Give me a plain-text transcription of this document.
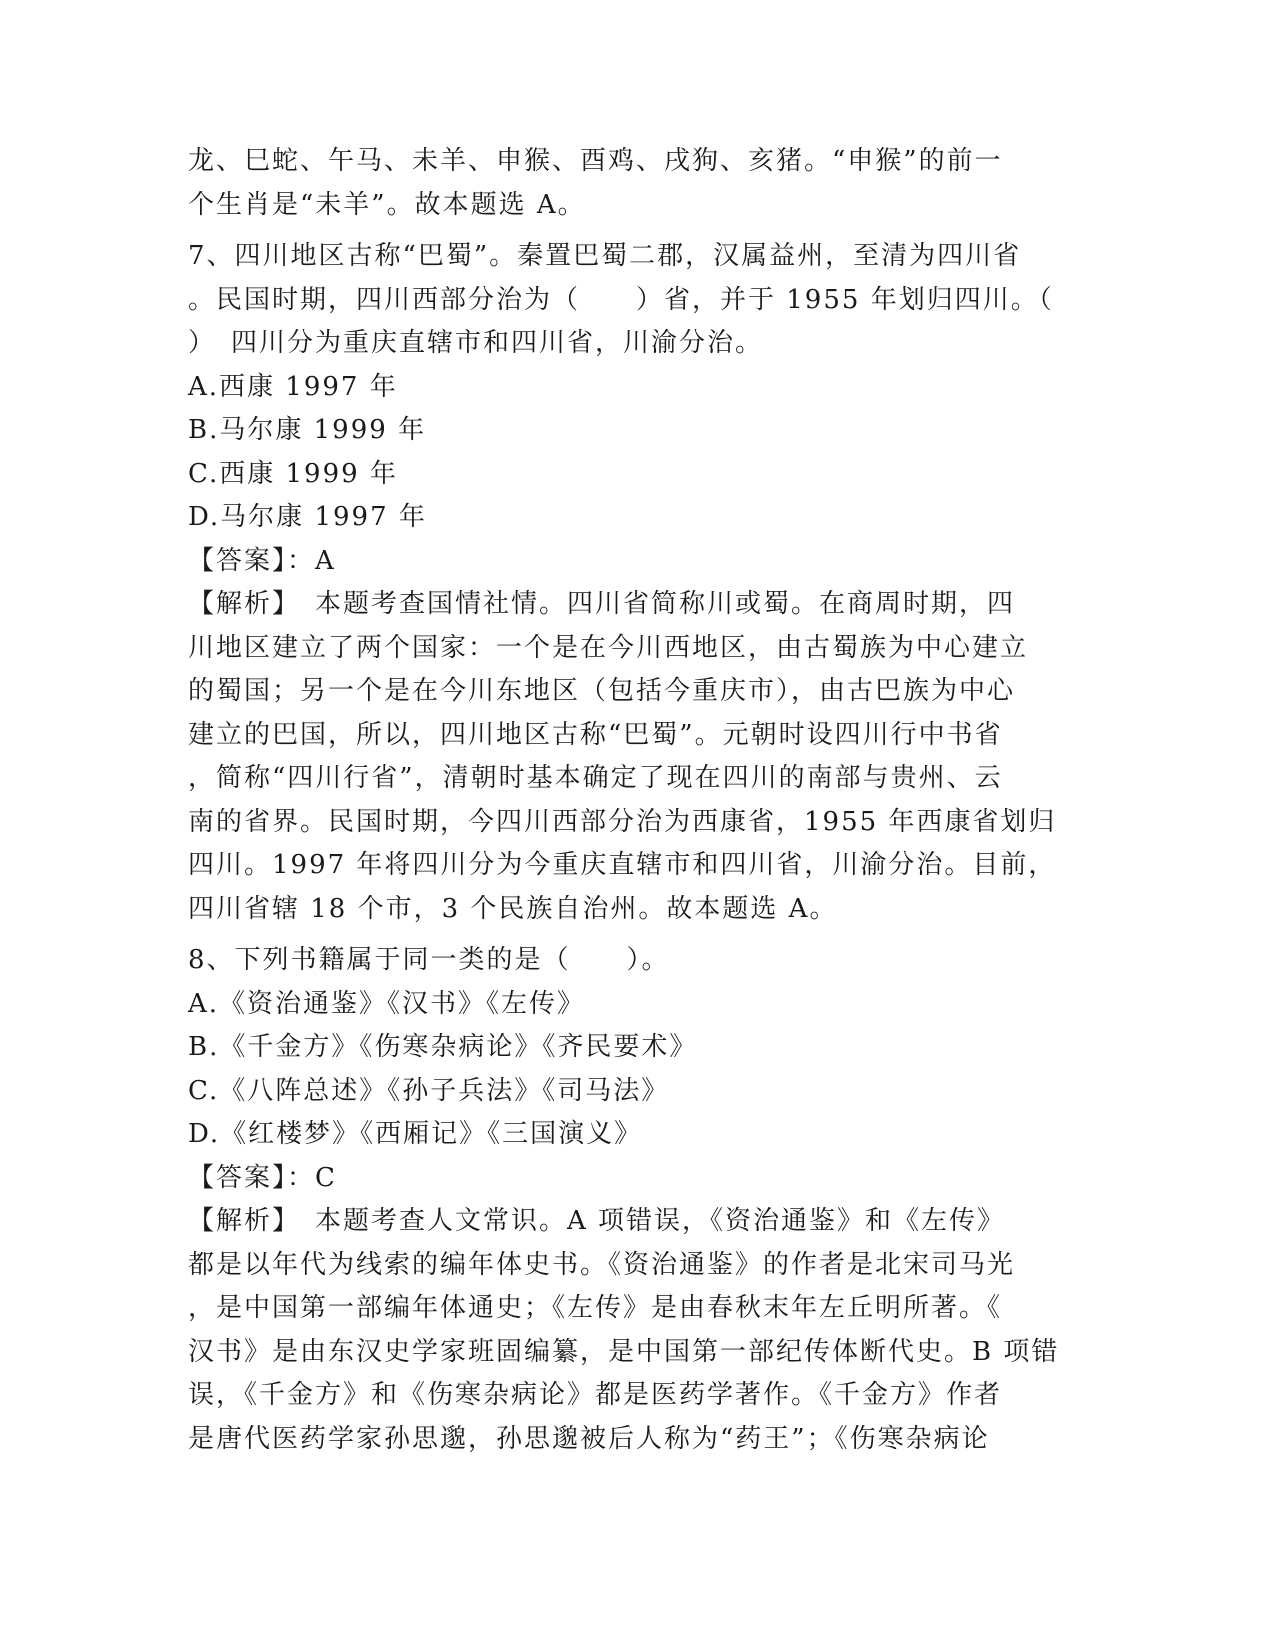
龙、巳蛇、午马、未羊、申猴、酉鸡、戌狗、亥猪。“申猴”的前一

个生肖是“未羊”。故本题选 A。

7、四川地区古称“巴蜀”。秦置巴蜀二郡，汉属益州，至清为四川省

。民国时期，四川西部分治为（　　）省，并于 1955 年划归四川。（

）　四川分为重庆直辖市和四川省，川渝分治。

A.西康 1997 年

B.马尔康 1999 年

C.西康 1999 年

D.马尔康 1997 年

【答案】：A

【解析】　本题考查国情社情。四川省简称川或蜀。在商周时期，四

川地区建立了两个国家：一个是在今川西地区，由古蜀族为中心建立

的蜀国；另一个是在今川东地区（包括今重庆市），由古巴族为中心

建立的巴国，所以，四川地区古称“巴蜀”。元朝时设四川行中书省

，简称“四川行省”，清朝时基本确定了现在四川的南部与贵州、云

南的省界。民国时期，今四川西部分治为西康省，1955 年西康省划归

四川。1997 年将四川分为今重庆直辖市和四川省，川渝分治。目前，

四川省辖 18 个市，3 个民族自治州。故本题选 A。

8、下列书籍属于同一类的是（　　）。

A.《资治通鉴》《汉书》《左传》

B.《千金方》《伤寒杂病论》《齐民要术》

C.《八阵总述》《孙子兵法》《司马法》

D.《红楼梦》《西厢记》《三国演义》

【答案】：C

【解析】　本题考查人文常识。A 项错误，《资治通鉴》和《左传》

都是以年代为线索的编年体史书。《资治通鉴》的作者是北宋司马光

，是中国第一部编年体通史；《左传》是由春秋末年左丘明所著。《

汉书》是由东汉史学家班固编纂，是中国第一部纪传体断代史。B 项错

误，《千金方》和《伤寒杂病论》都是医药学著作。《千金方》作者

是唐代医药学家孙思邈，孙思邈被后人称为“药王”；《伤寒杂病论
